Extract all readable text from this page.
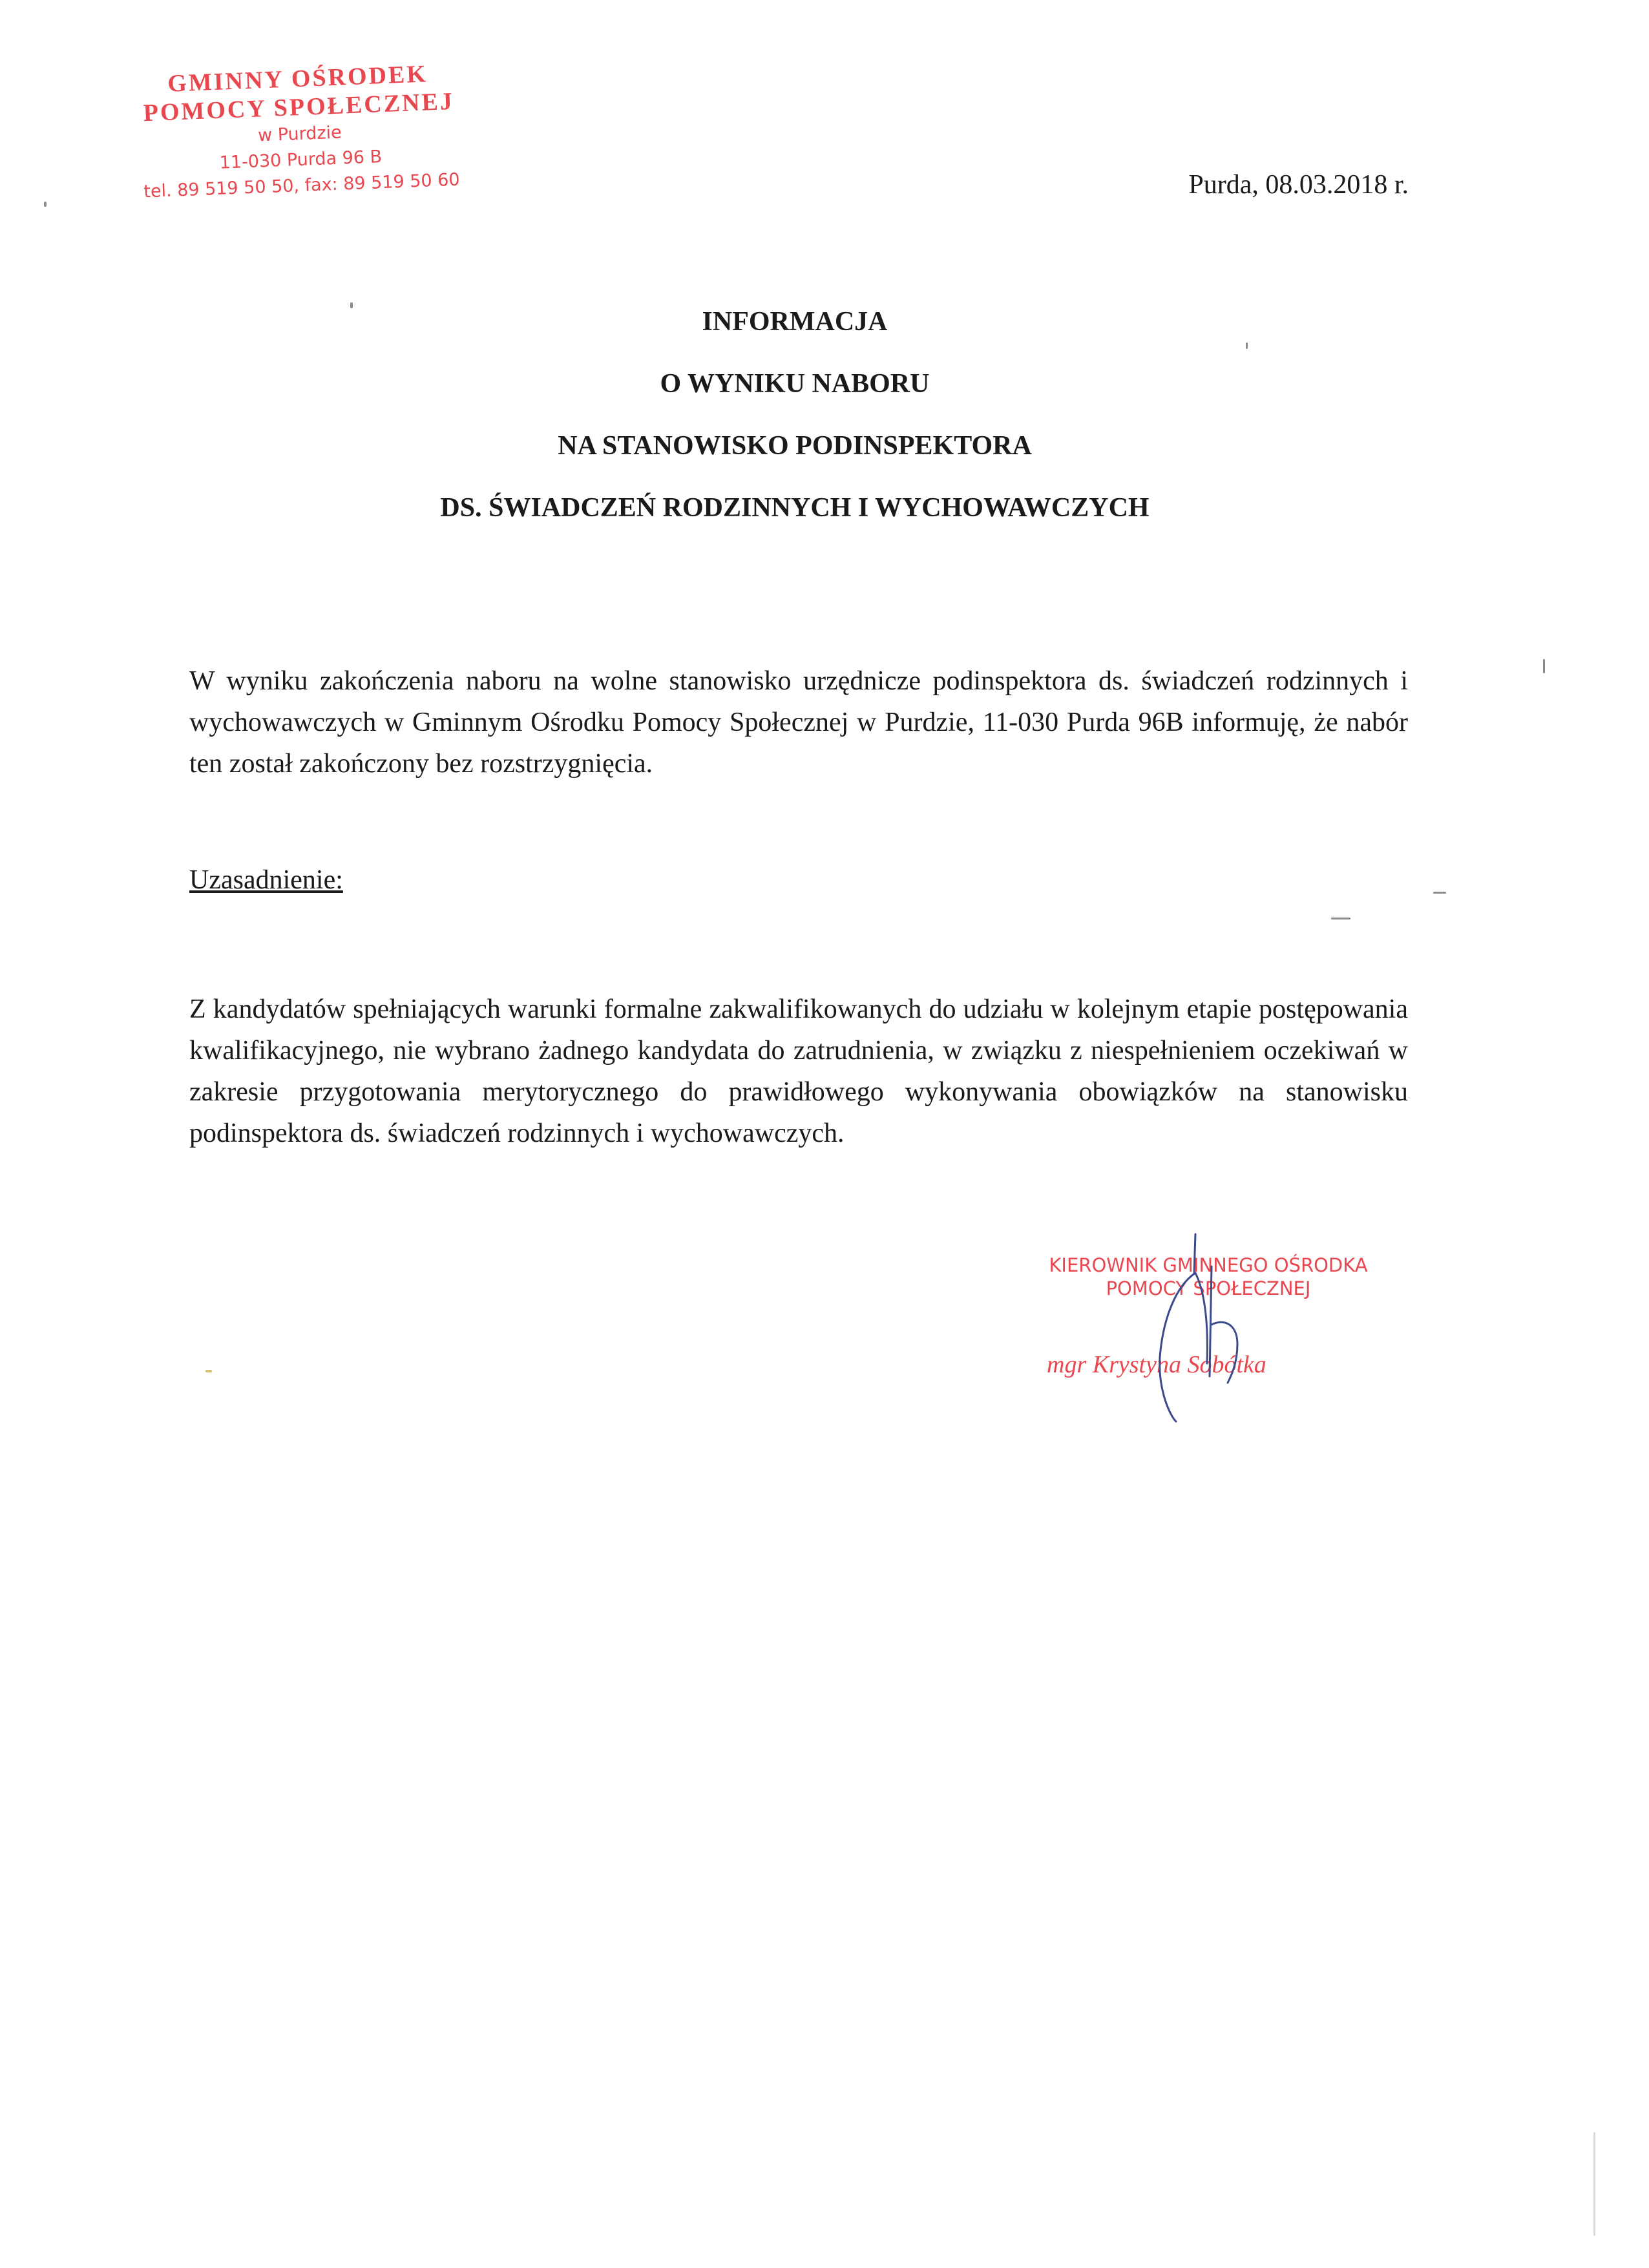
GMINNY OŚRODEK
POMOCY SPOŁECZNEJ
w Purdzie
11-030 Purda 96 B
tel. 89 519 50 50, fax: 89 519 50 60	Purda, 08.03.2018 r.
INFORMACJA
O WYNIKU NABORU
NA STANOWISKO PODINSPEKTORA
DS. ŚWIADCZEŃ RODZINNYCH I WYCHOWAWCZYCH
W wyniku zakończenia naboru na wolne stanowisko urzędnicze podinspektora ds. świadczeń rodzinnych i wychowawczych w Gminnym Ośrodku Pomocy Społecznej w Purdzie, 11-030 Purda 96B informuję, że nabór ten został zakończony bez rozstrzygnięcia.
Uzasadnienie:
Z kandydatów spełniających warunki formalne zakwalifikowanych do udziału w kolejnym etapie postępowania kwalifikacyjnego, nie wybrano żadnego kandydata do zatrudnienia, w związku z niespełnieniem oczekiwań w zakresie przygotowania merytorycznego do prawidłowego wykonywania obowiązków na stanowisku podinspektora ds. świadczeń rodzinnych i wychowawczych.
KIEROWNIK GMINNEGO OŚRODKA
POMOCY SPOŁECZNEJ
mgr Krystyna Sobótka
